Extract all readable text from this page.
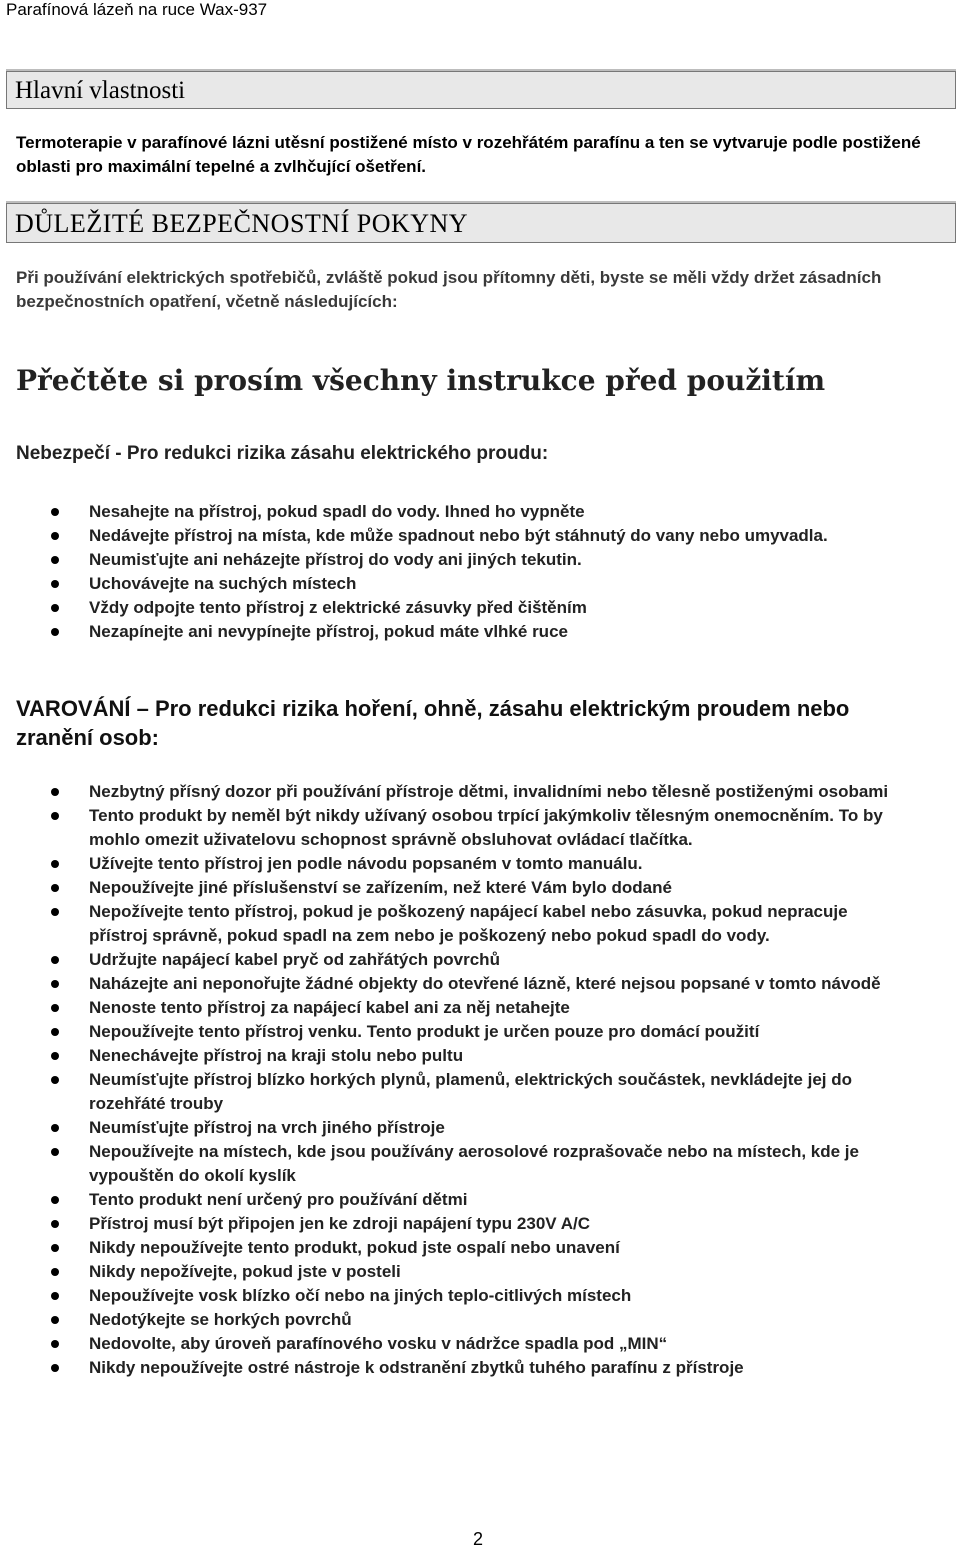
Parafínová lázeň na ruce Wax-937
Hlavní vlastnosti
Termoterapie v parafínové lázni utěsní postižené místo v rozehřátém parafínu a ten se vytvaruje podle postižené oblasti pro maximální tepelné a zvlhčující ošetření.
DŮLEŽITÉ BEZPEČNOSTNÍ POKYNY
Při používání elektrických spotřebičů, zvláště pokud jsou přítomny děti, byste se měli vždy držet zásadních bezpečnostních opatření, včetně následujících:
Přečtěte si prosím všechny instrukce před použitím
Nebezpečí - Pro redukci rizika zásahu elektrického proudu:
Nesahejte na přístroj, pokud spadl do vody. Ihned ho vypněte
Nedávejte přístroj na místa, kde může spadnout nebo být stáhnutý do vany nebo umyvadla.
Neumisťujte ani neházejte přístroj do vody ani jiných tekutin.
Uchovávejte na suchých místech
Vždy odpojte tento přístroj z elektrické zásuvky před čištěním
Nezapínejte ani nevypínejte přístroj, pokud máte vlhké ruce
VAROVÁNÍ – Pro redukci rizika hoření, ohně, zásahu elektrickým proudem nebo zranění osob:
Nezbytný přísný dozor při používání přístroje dětmi, invalidními nebo tělesně postiženými osobami
Tento produkt by neměl být nikdy užívaný osobou trpící jakýmkoliv tělesným onemocněním. To by mohlo omezit uživatelovu schopnost správně obsluhovat ovládací tlačítka.
Užívejte tento přístroj jen podle návodu popsaném v tomto manuálu.
Nepoužívejte jiné příslušenství se zařízením, než které Vám bylo dodané
Nepožívejte tento přístroj, pokud je poškozený napájecí kabel nebo zásuvka, pokud nepracuje přístroj správně, pokud spadl na zem nebo je poškozený nebo pokud spadl do vody.
Udržujte napájecí kabel pryč od zahřátých povrchů
Naházejte ani neponořujte žádné objekty do otevřené lázně, které nejsou popsané v tomto návodě
Nenoste tento přístroj za napájecí kabel ani za něj netahejte
Nepoužívejte tento přístroj venku. Tento produkt je určen pouze pro domácí použití
Nenechávejte přístroj na kraji stolu nebo pultu
Neumísťujte přístroj blízko horkých plynů, plamenů, elektrických součástek, nevkládejte jej do rozehřáté trouby
Neumísťujte přístroj na vrch jiného přístroje
Nepoužívejte na místech, kde jsou používány aerosolové rozprašovače nebo na místech, kde je vypouštěn do okolí kyslík
Tento produkt není určený pro používání dětmi
Přístroj musí být připojen jen ke zdroji napájení typu 230V A/C
Nikdy nepoužívejte tento produkt, pokud jste ospalí nebo unavení
Nikdy nepožívejte, pokud jste v posteli
Nepoužívejte vosk blízko očí nebo na jiných teplo-citlivých místech
Nedotýkejte se horkých povrchů
Nedovolte, aby úroveň parafínového vosku v nádržce spadla pod „MIN“
Nikdy nepoužívejte ostré nástroje k odstranění zbytků tuhého parafínu z přístroje
2
